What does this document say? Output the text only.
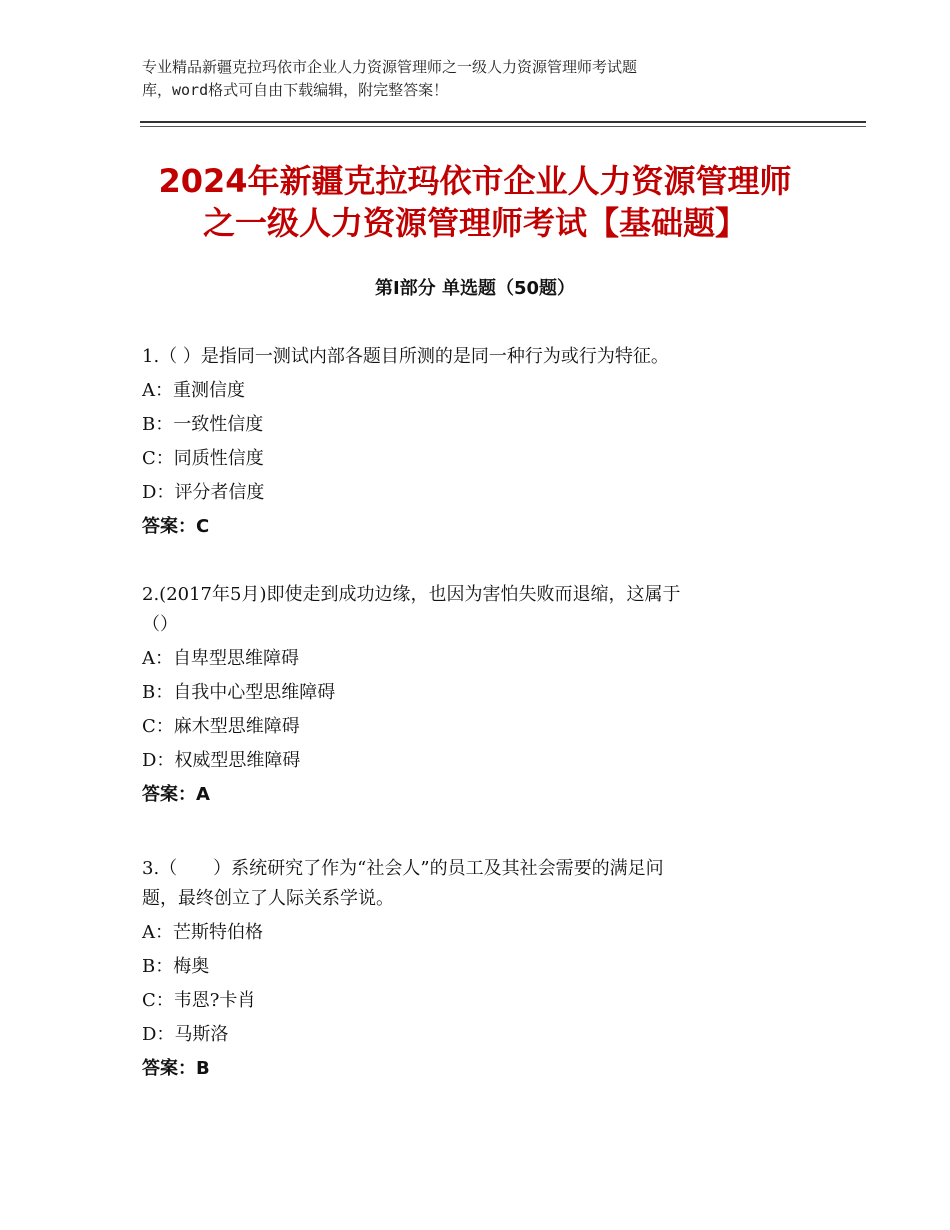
专业精品新疆克拉玛依市企业人力资源管理师之一级人力资源管理师考试题
库，word格式可自由下载编辑，附完整答案！
2024年新疆克拉玛依市企业人力资源管理师
之一级人力资源管理师考试【基础题】
第Ⅰ部分 单选题（50题）
1.（ ）是指同一测试内部各题目所测的是同一种行为或行为特征。
A：重测信度
B：一致性信度
C：同质性信度
D：评分者信度
答案：C
2.(2017年5月)即使走到成功边缘，也因为害怕失败而退缩，这属于
（）
A：自卑型思维障碍
B：自我中心型思维障碍
C：麻木型思维障碍
D：权威型思维障碍
答案：A
3.（　　）系统研究了作为“社会人”的员工及其社会需要的满足问
题，最终创立了人际关系学说。
A：芒斯特伯格
B：梅奥
C：韦恩?卡肖
D：马斯洛
答案：B
